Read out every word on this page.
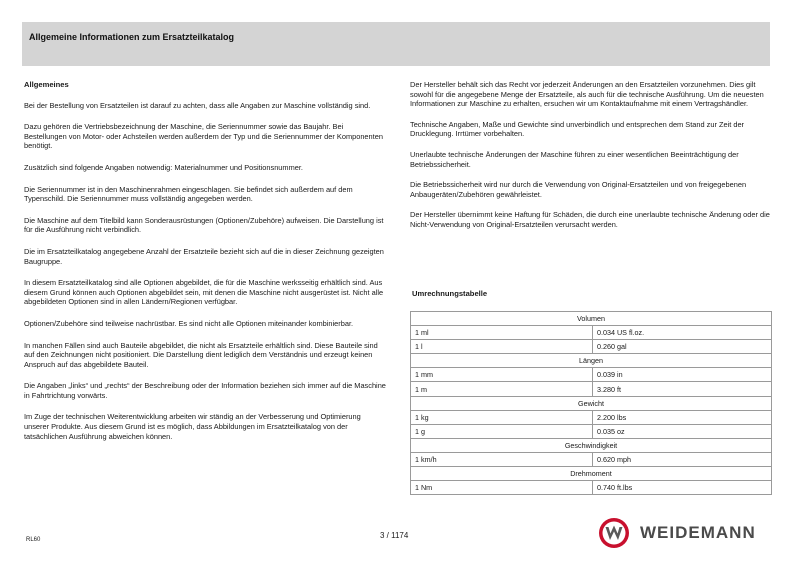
Allgemeine Informationen zum Ersatzteilkatalog
Allgemeines
Bei der Bestellung von Ersatzteilen ist darauf zu achten, dass alle Angaben zur Maschine vollständig sind.
Dazu gehören die Vertriebsbezeichnung der Maschine, die Seriennummer sowie das Baujahr. Bei Bestellungen von Motor- oder Achsteilen werden außerdem der Typ und die Seriennummer der Komponenten benötigt.
Zusätzlich sind folgende Angaben notwendig: Materialnummer und Positionsnummer.
Die Seriennummer ist in den Maschinenrahmen eingeschlagen. Sie befindet sich außerdem auf dem Typenschild. Die Seriennummer muss vollständig angegeben werden.
Die Maschine auf dem Titelbild kann Sonderausrüstungen (Optionen/Zubehöre) aufweisen. Die Darstellung ist für die Ausführung nicht verbindlich.
Die im Ersatzteilkatalog angegebene Anzahl der Ersatzteile bezieht sich auf die in dieser Zeichnung gezeigten Baugruppe.
In diesem Ersatzteilkatalog sind alle Optionen abgebildet, die für die Maschine werksseitig erhältlich sind. Aus diesem Grund können auch Optionen abgebildet sein, mit denen die Maschine nicht ausgerüstet ist. Nicht alle abgebildeten Optionen sind in allen Ländern/Regionen verfügbar.
Optionen/Zubehöre sind teilweise nachrüstbar. Es sind nicht alle Optionen miteinander kombinierbar.
In manchen Fällen sind auch Bauteile abgebildet, die nicht als Ersatzteile erhältlich sind. Diese Bauteile sind auf den Zeichnungen nicht positioniert. Die Darstellung dient lediglich dem Verständnis und erzeugt keinen Anspruch auf das abgebildete Bauteil.
Die Angaben „links“ und „rechts“ der Beschreibung oder der Information beziehen sich immer auf die Maschine in Fahrtrichtung vorwärts.
Im Zuge der technischen Weiterentwicklung arbeiten wir ständig an der Verbesserung und Optimierung unserer Produkte. Aus diesem Grund ist es möglich, dass Abbildungen im Ersatzteilkatalog von der tatsächlichen Ausführung abweichen können.
Der Hersteller behält sich das Recht vor jederzeit Änderungen an den Ersatzteilen vorzunehmen. Dies gilt sowohl für die angegebene Menge der Ersatzteile, als auch für die technische Ausführung. Um die neuesten Informationen zur Maschine zu erhalten, ersuchen wir um Kontaktaufnahme mit einem Vertragshändler.
Technische Angaben, Maße und Gewichte sind unverbindlich und entsprechen dem Stand zur Zeit der Drucklegung. Irrtümer vorbehalten.
Unerlaubte technische Änderungen der Maschine führen zu einer wesentlichen Beeinträchtigung der Betriebssicherheit.
Die Betriebssicherheit wird nur durch die Verwendung von Original-Ersatzteilen und von freigegebenen Anbaugeräten/Zubehören gewährleistet.
Der Hersteller übernimmt keine Haftung für Schäden, die durch eine unerlaubte technische Änderung oder die Nicht-Verwendung von Original-Ersatzteilen verursacht werden.
Umrechnungstabelle
Volumen	
1 ml	0.034 US fl.oz.
1 l	0.260 gal
Längen	
1 mm	0.039 in
1 m	3.280 ft
Gewicht	
1 kg	2.200 lbs
1 g	0.035 oz
Geschwindigkeit	
1 km/h	0.620 mph
Drehmoment	
1 Nm	0.740 ft.lbs
RL60	3 / 1174	WEIDEMANN
